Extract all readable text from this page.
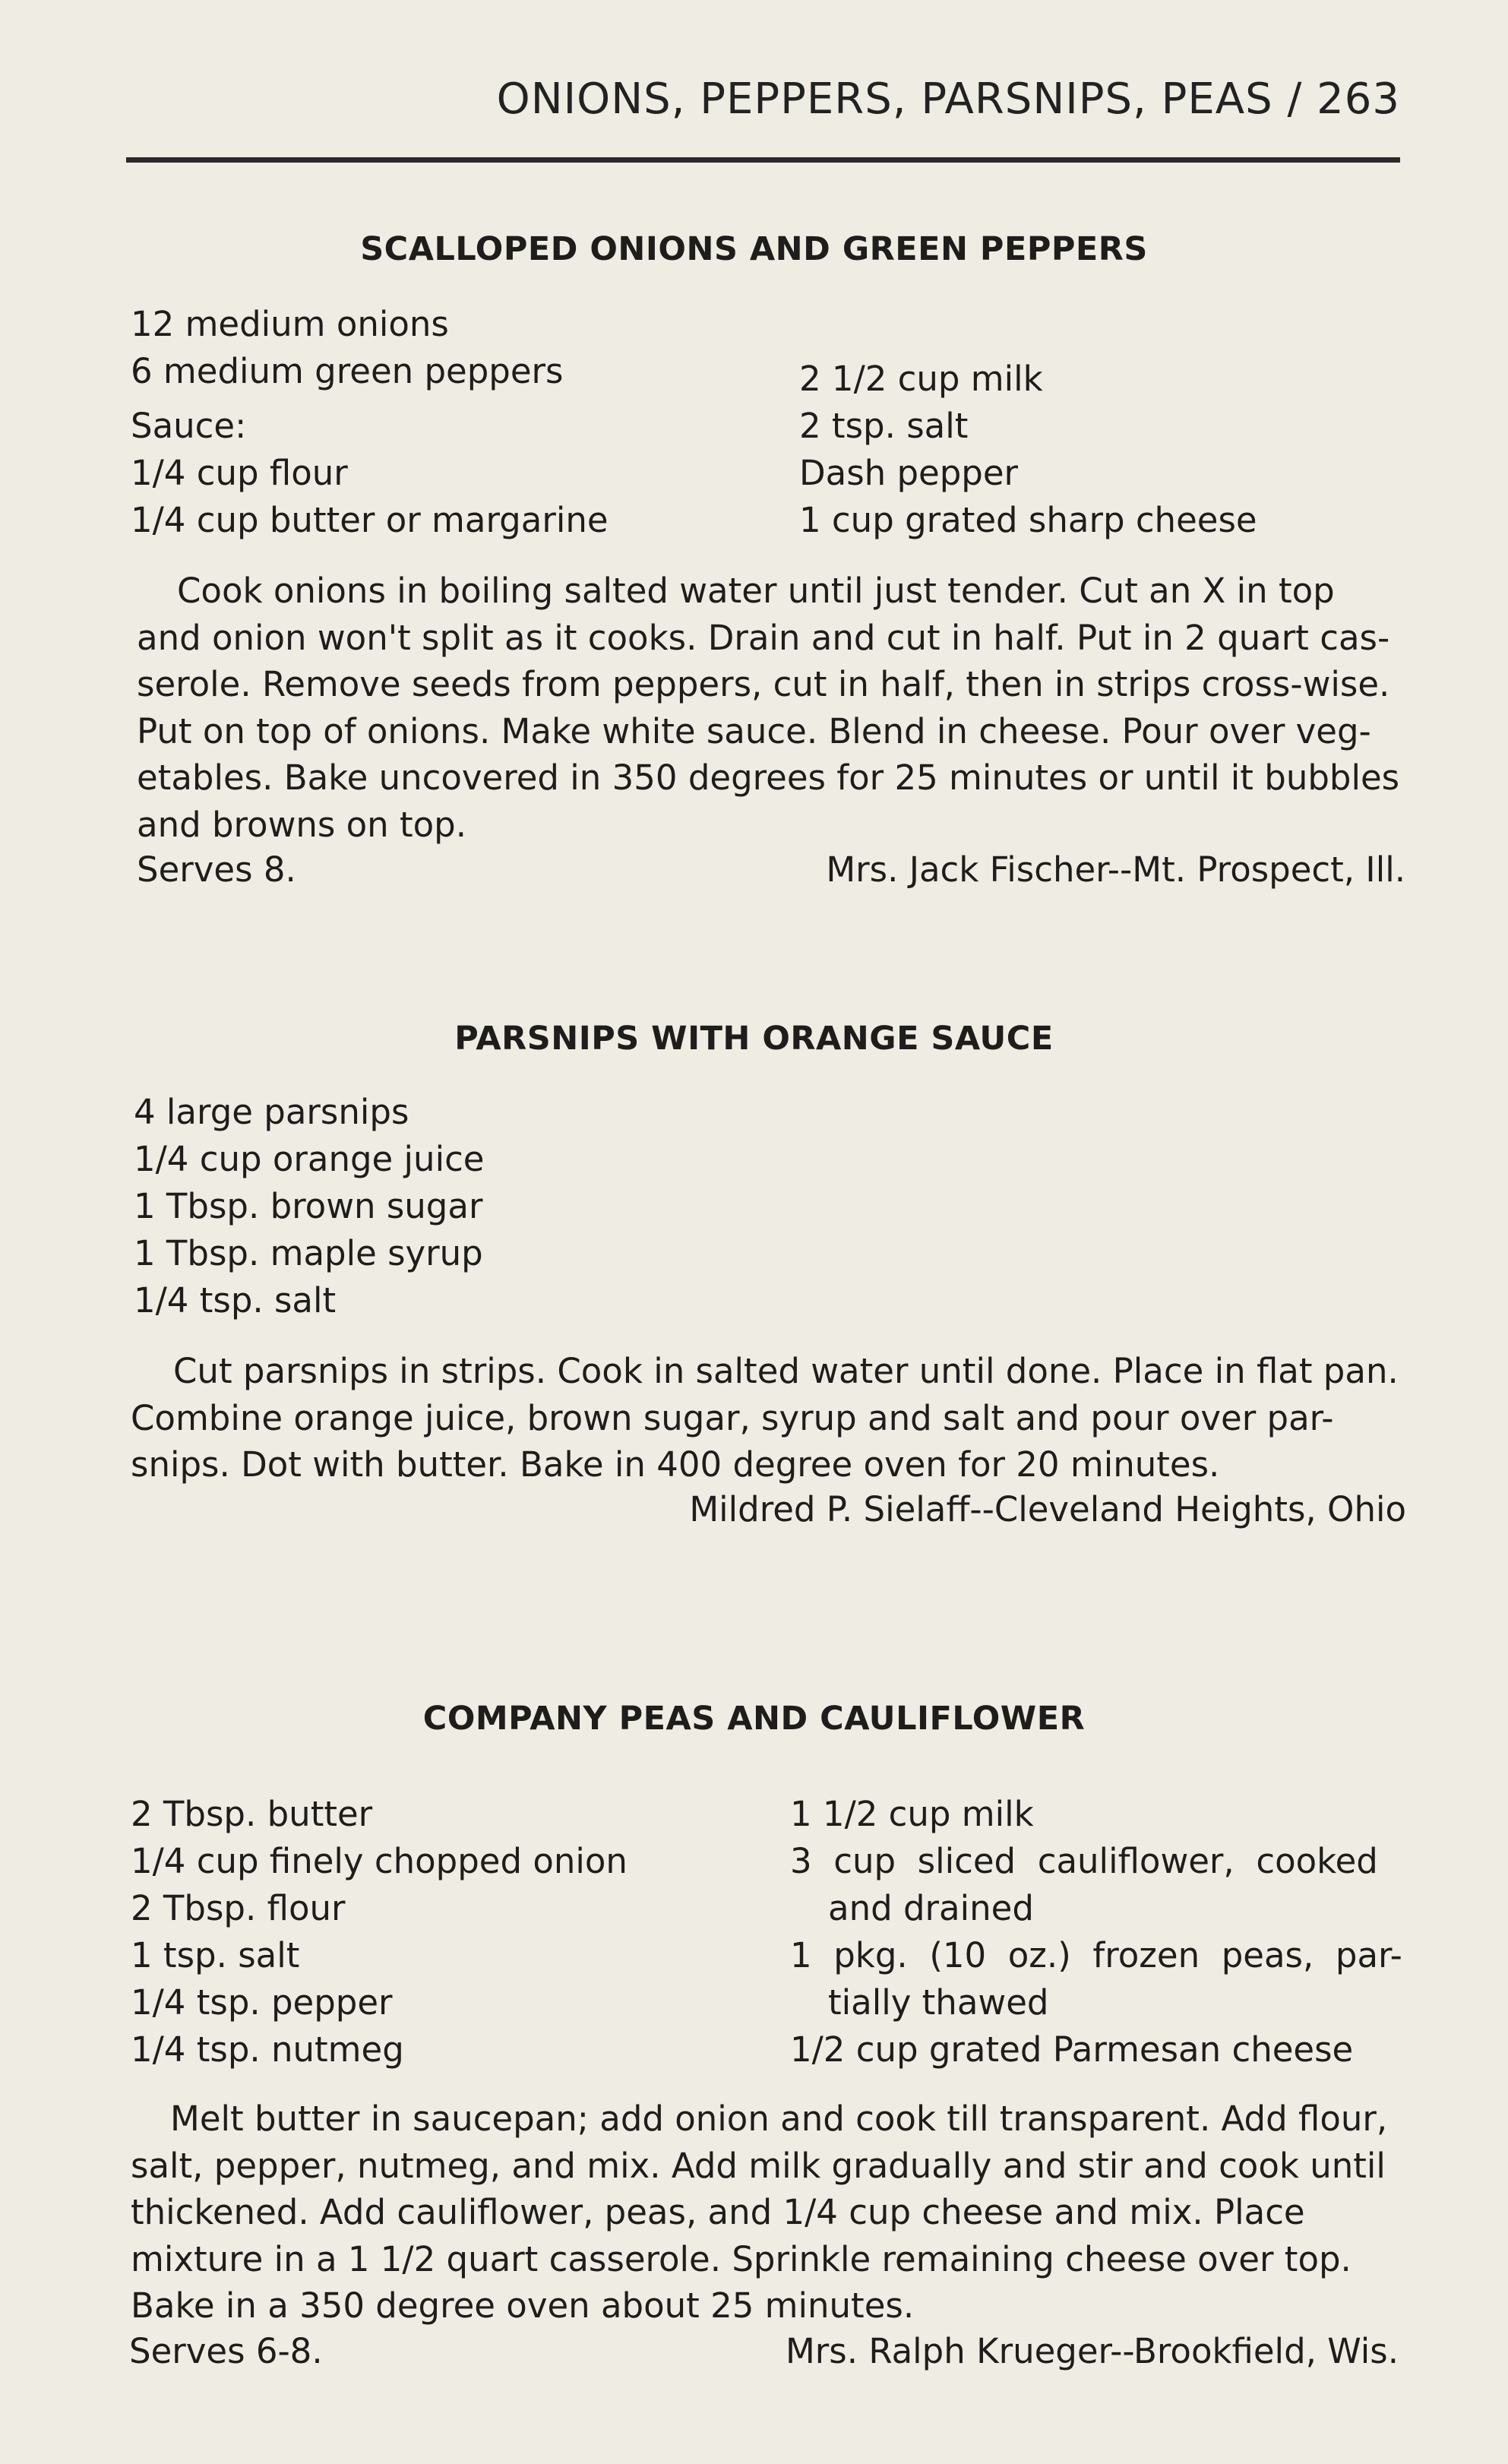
ONIONS, PEPPERS, PARSNIPS, PEAS / 263
SCALLOPED ONIONS AND GREEN PEPPERS
12 medium onions
6 medium green peppers
Sauce:
1/4 cup flour
1/4 cup butter or margarine
2 1/2 cup milk
2 tsp. salt
Dash pepper
1 cup grated sharp cheese
Cook onions in boiling salted water until just tender. Cut an X in top
and onion won't split as it cooks. Drain and cut in half. Put in 2 quart cas-
serole. Remove seeds from peppers, cut in half, then in strips cross-wise.
Put on top of onions. Make white sauce. Blend in cheese. Pour over veg-
etables. Bake uncovered in 350 degrees for 25 minutes or until it bubbles
and browns on top.
Serves 8.	Mrs. Jack Fischer--Mt. Prospect, Ill.
PARSNIPS WITH ORANGE SAUCE
4 large parsnips
1/4 cup orange juice
1 Tbsp. brown sugar
1 Tbsp. maple syrup
1/4 tsp. salt
Cut parsnips in strips. Cook in salted water until done. Place in flat pan.
Combine orange juice, brown sugar, syrup and salt and pour over par-
snips. Dot with butter. Bake in 400 degree oven for 20 minutes.
Mildred P. Sielaff--Cleveland Heights, Ohio
COMPANY PEAS AND CAULIFLOWER
2 Tbsp. butter
1/4 cup finely chopped onion
2 Tbsp. flour
1 tsp. salt
1/4 tsp. pepper
1/4 tsp. nutmeg
1 1/2 cup milk
3  cup  sliced  cauliflower,  cooked
and drained
1  pkg.  (10  oz.)  frozen  peas,  par-
tially thawed
1/2 cup grated Parmesan cheese
Melt butter in saucepan; add onion and cook till transparent. Add flour,
salt, pepper, nutmeg, and mix. Add milk gradually and stir and cook until
thickened. Add cauliflower, peas, and 1/4 cup cheese and mix. Place
mixture in a 1 1/2 quart casserole. Sprinkle remaining cheese over top.
Bake in a 350 degree oven about 25 minutes.
Serves 6-8.	Mrs. Ralph Krueger--Brookfield, Wis.
